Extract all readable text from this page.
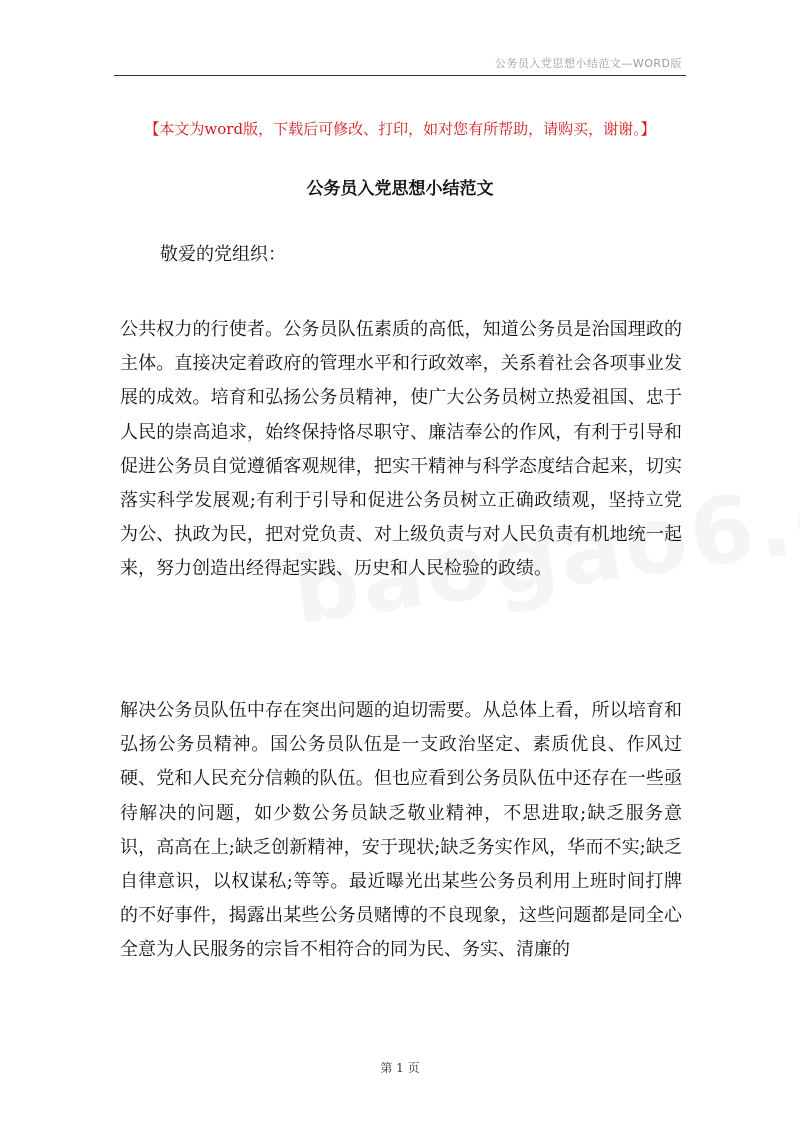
公务员入党思想小结范文—WORD版
【本文为word版，下载后可修改、打印，如对您有所帮助，请购买，谢谢。】
公务员入党思想小结范文
敬爱的党组织：

公共权力的行使者。公务员队伍素质的高低，知道公务员是治国理政的主体。直接决定着政府的管理水平和行政效率，关系着社会各项事业发展的成效。培育和弘扬公务员精神，使广大公务员树立热爱祖国、忠于人民的崇高追求，始终保持恪尽职守、廉洁奉公的作风，有利于引导和促进公务员自觉遵循客观规律，把实干精神与科学态度结合起来，切实落实科学发展观;有利于引导和促进公务员树立正确政绩观，坚持立党为公、执政为民，把对党负责、对上级负责与对人民负责有机地统一起来，努力创造出经得起实践、历史和人民检验的政绩。

解决公务员队伍中存在突出问题的迫切需要。从总体上看，所以培育和弘扬公务员精神。国公务员队伍是一支政治坚定、素质优良、作风过硬、党和人民充分信赖的队伍。但也应看到公务员队伍中还存在一些亟待解决的问题，如少数公务员缺乏敬业精神，不思进取;缺乏服务意识，高高在上;缺乏创新精神，安于现状;缺乏务实作风，华而不实;缺乏自律意识，以权谋私;等等。最近曝光出某些公务员利用上班时间打牌的不好事件，揭露出某些公务员赌博的不良现象，这些问题都是同全心全意为人民服务的宗旨不相符合的同为民、务实、清廉的

第 1 页
